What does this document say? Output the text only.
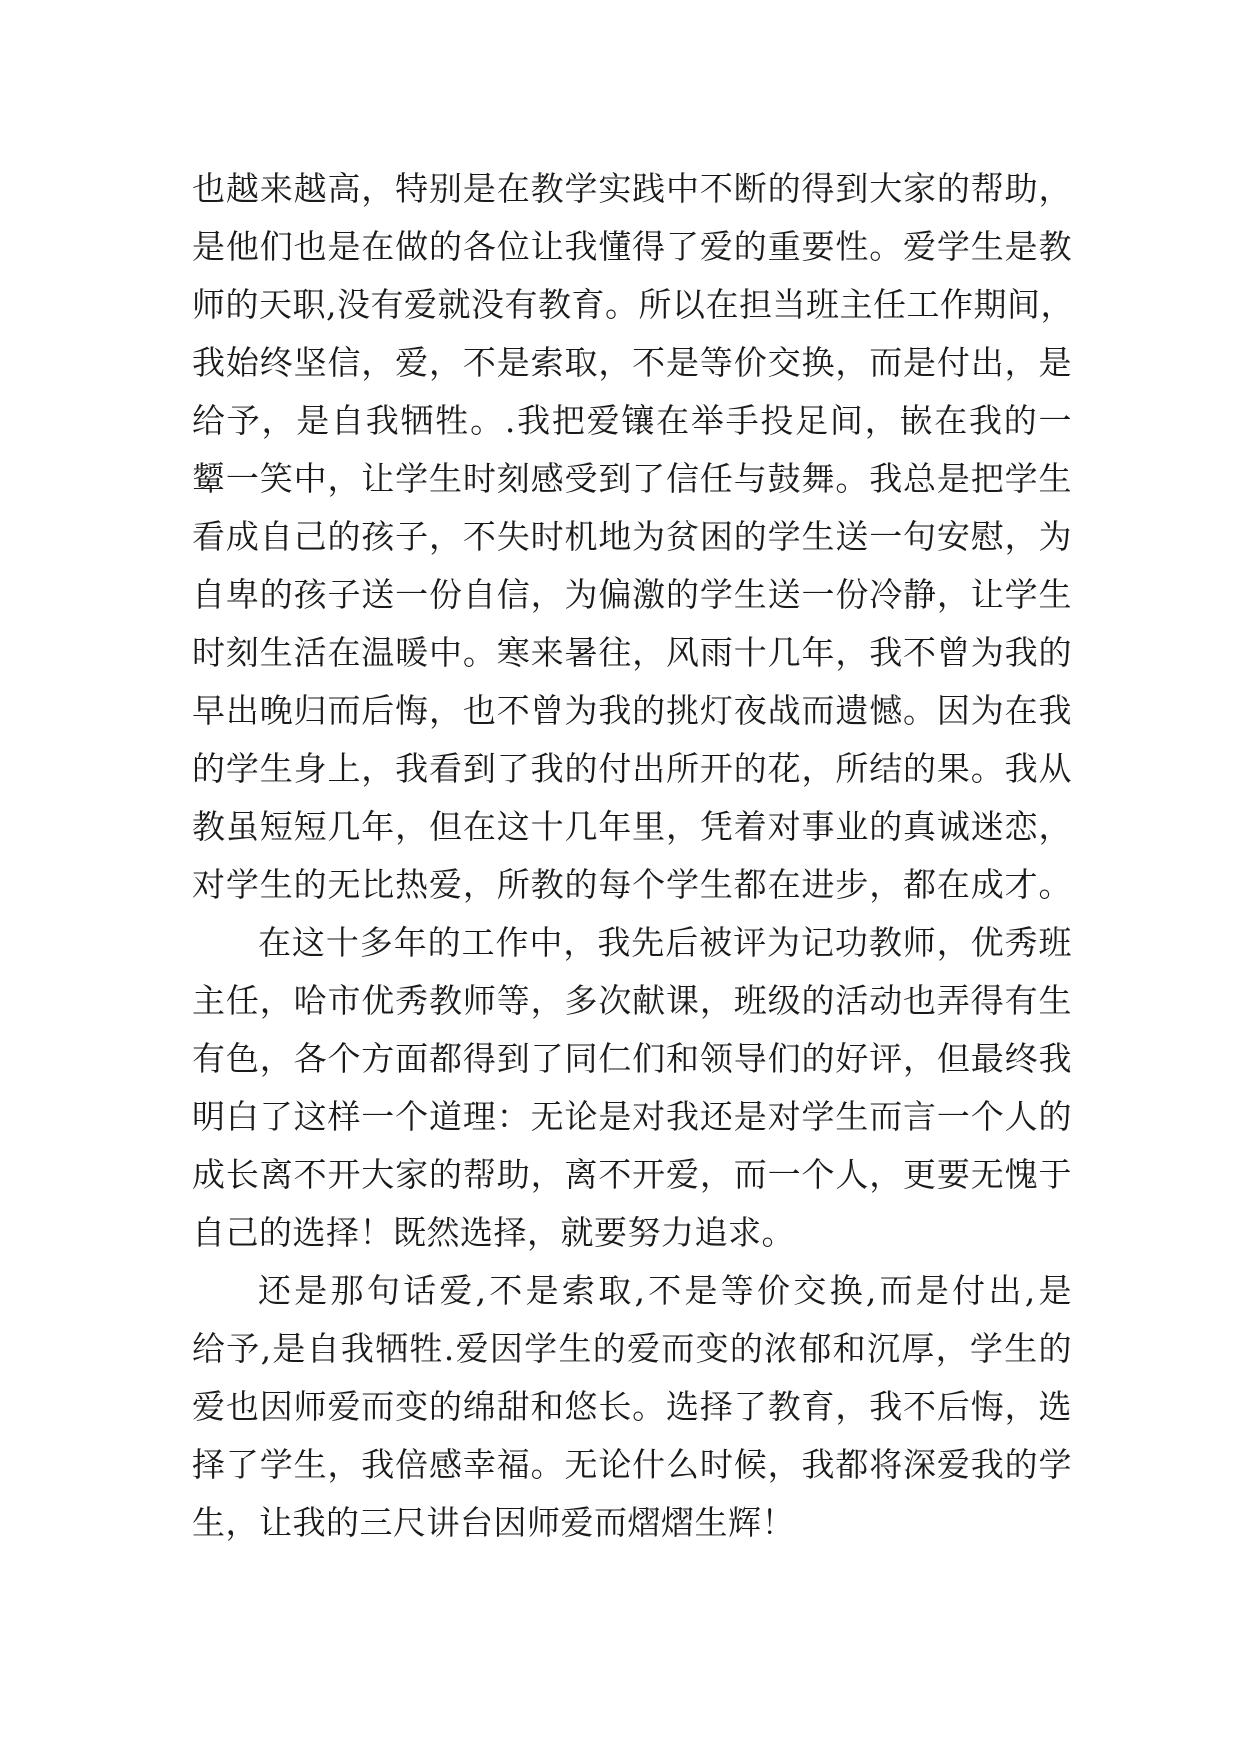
也越来越高，特别是在教学实践中不断的得到大家的帮助，
是他们也是在做的各位让我懂得了爱的重要性。爱学生是教
师的天职,没有爱就没有教育。所以在担当班主任工作期间，
我始终坚信，爱，不是索取，不是等价交换，而是付出，是
给予，是自我牺牲。.我把爱镶在举手投足间，嵌在我的一
颦一笑中，让学生时刻感受到了信任与鼓舞。我总是把学生
看成自己的孩子，不失时机地为贫困的学生送一句安慰，为
自卑的孩子送一份自信，为偏激的学生送一份冷静，让学生
时刻生活在温暖中。寒来暑往，风雨十几年，我不曾为我的
早出晚归而后悔，也不曾为我的挑灯夜战而遗憾。因为在我
的学生身上，我看到了我的付出所开的花，所结的果。我从
教虽短短几年，但在这十几年里，凭着对事业的真诚迷恋，
对学生的无比热爱，所教的每个学生都在进步，都在成才。
在这十多年的工作中，我先后被评为记功教师，优秀班
主任，哈市优秀教师等，多次献课，班级的活动也弄得有生
有色，各个方面都得到了同仁们和领导们的好评，但最终我
明白了这样一个道理：无论是对我还是对学生而言一个人的
成长离不开大家的帮助，离不开爱，而一个人，更要无愧于
自己的选择！既然选择，就要努力追求。
还是那句话爱,不是索取,不是等价交换,而是付出,是
给予,是自我牺牲.爱因学生的爱而变的浓郁和沉厚，学生的
爱也因师爱而变的绵甜和悠长。选择了教育，我不后悔，选
择了学生，我倍感幸福。无论什么时候，我都将深爱我的学
生，让我的三尺讲台因师爱而熠熠生辉！
